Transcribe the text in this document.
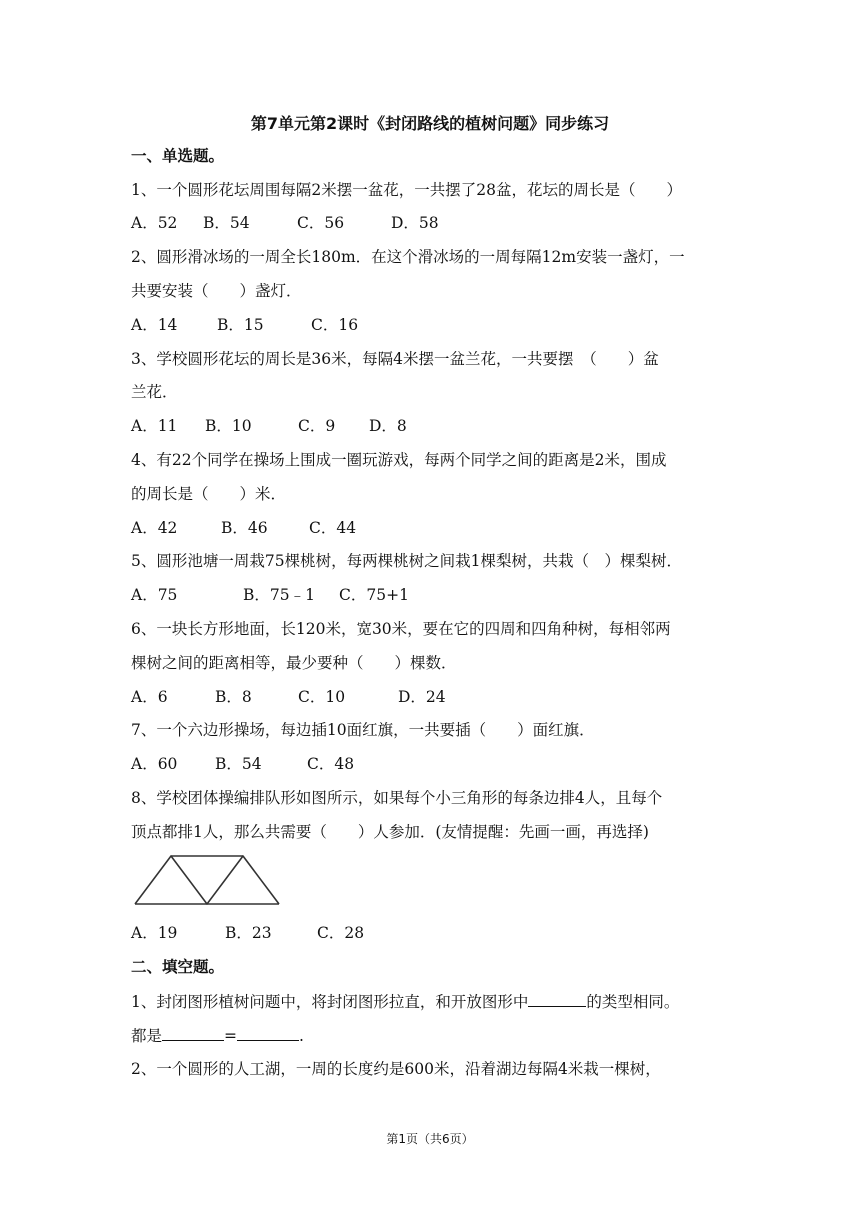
第7单元第2课时《封闭路线的植树问题》同步练习
一、单选题。
1、一个圆形花坛周围每隔2米摆一盆花，一共摆了28盆，花坛的周长是（　　）
A．52 B．54	C．56	D．58
2、圆形滑冰场的一周全长180m．在这个滑冰场的一周每隔12m安装一盏灯，一
共要安装（　　）盏灯．
A．14	B．15	C．16
3、学校圆形花坛的周长是36米，每隔4米摆一盆兰花，一共要摆　（　　）盆
兰花．
A．11 B．10	C．9 D．8
4、有22个同学在操场上围成一圈玩游戏，每两个同学之间的距离是2米，围成
的周长是（　　）米．
A．42	B．46	C．44
5、圆形池塘一周栽75棵桃树，每两棵桃树之间栽1棵梨树，共栽（　）棵梨树．
A．75	B．75﹣1 C．75+1
6、一块长方形地面，长120米，宽30米，要在它的四周和四角种树，每相邻两
棵树之间的距离相等，最少要种（　　）棵数．
A．6	B．8	C．10	D．24
7、一个六边形操场，每边插10面红旗，一共要插（　　）面红旗．
A．60 B．54	C．48
8、学校团体操编排队形如图所示，如果每个小三角形的每条边排4人，且每个
顶点都排1人，那么共需要（　　）人参加．(友情提醒：先画一画，再选择)
A．19	B．23	C．28
二、填空题。
1、封闭图形植树问题中，将封闭图形拉直，和开放图形中	的类型相同。
都是	=	.
2、一个圆形的人工湖，一周的长度约是600米，沿着湖边每隔4米栽一棵树，
第1页（共6页）
